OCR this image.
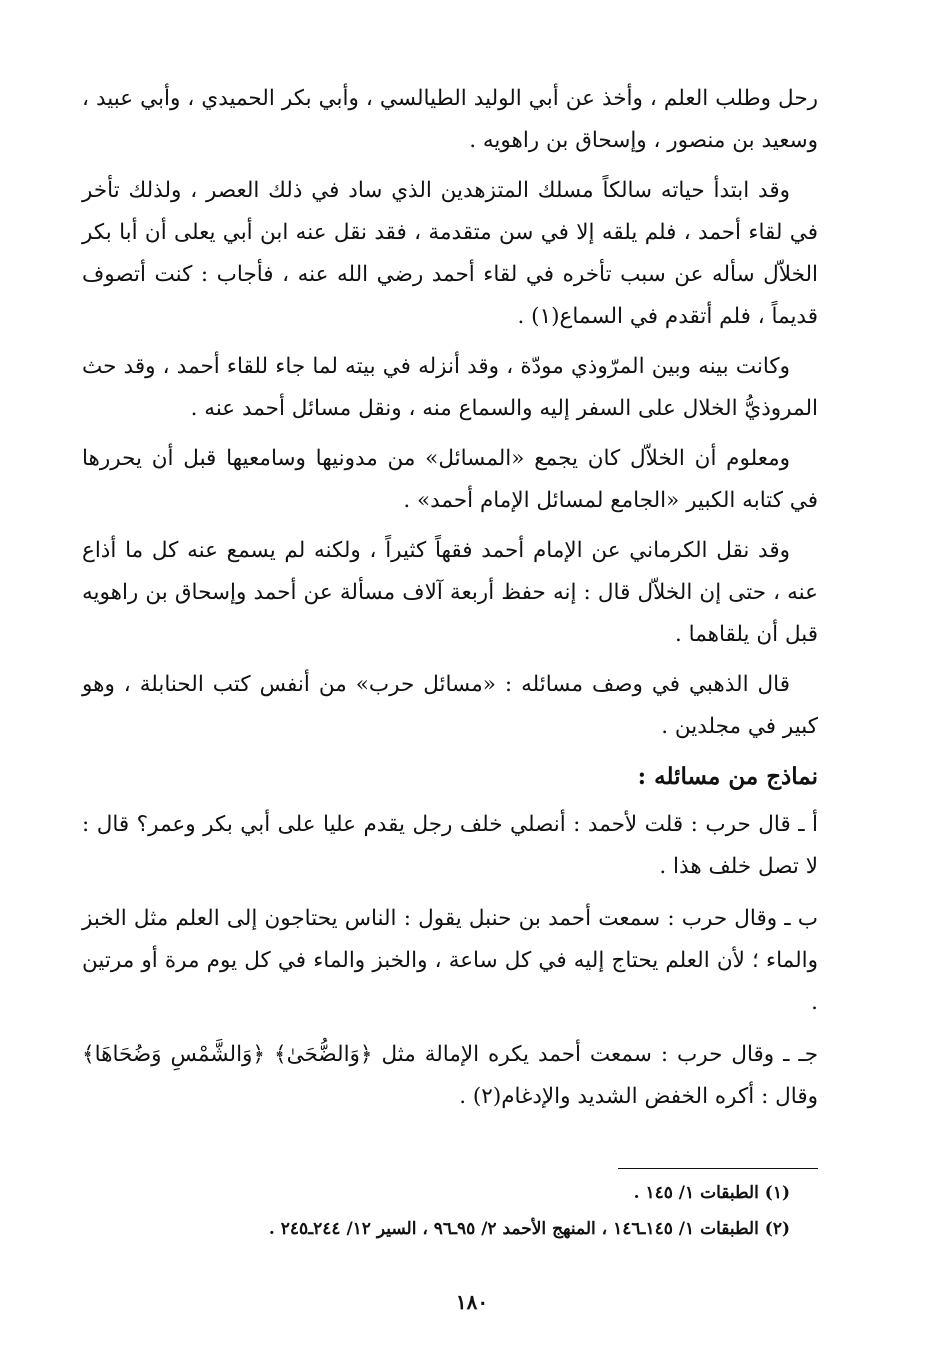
رحل وطلب العلم ، وأخذ عن أبي الوليد الطيالسي ، وأبي بكر الحميدي ، وأبي عبيد ، وسعيد بن منصور ، وإسحاق بن راهويه .

وقد ابتدأ حياته سالكاً مسلك المتزهدين الذي ساد في ذلك العصر ، ولذلك تأخر في لقاء أحمد ، فلم يلقه إلا في سن متقدمة ، فقد نقل عنه ابن أبي يعلى أن أبا بكر الخلاّل سأله عن سبب تأخره في لقاء أحمد رضي الله عنه ، فأجاب : كنت أتصوف قديماً ، فلم أتقدم في السماع(١) .

وكانت بينه وبين المرّوذي مودّة ، وقد أنزله في بيته لما جاء للقاء أحمد ، وقد حث المروذيُّ الخلال على السفر إليه والسماع منه ، ونقل مسائل أحمد عنه .

ومعلوم أن الخلاّل كان يجمع «المسائل» من مدونيها وسامعيها قبل أن يحررها في كتابه الكبير «الجامع لمسائل الإمام أحمد» .

وقد نقل الكرماني عن الإمام أحمد فقهاً كثيراً ، ولكنه لم يسمع عنه كل ما أذاع عنه ، حتى إن الخلاّل قال : إنه حفظ أربعة آلاف مسألة عن أحمد وإسحاق بن راهويه قبل أن يلقاهما .

قال الذهبي في وصف مسائله : «مسائل حرب» من أنفس كتب الحنابلة ، وهو كبير في مجلدين .

نماذج من مسائله :

أ ـ قال حرب : قلت لأحمد : أنصلي خلف رجل يقدم عليا على أبي بكر وعمر؟ قال : لا تصل خلف هذا .

ب ـ وقال حرب : سمعت أحمد بن حنبل يقول : الناس يحتاجون إلى العلم مثل الخبز والماء ؛ لأن العلم يحتاج إليه في كل ساعة ، والخبز والماء في كل يوم مرة أو مرتين .

جـ ـ وقال حرب : سمعت أحمد يكره الإمالة مثل ﴿وَالضُّحَىٰ﴾ ﴿وَالشَّمْسِ وَضُحَاهَا﴾ وقال : أكره الخفض الشديد والإدغام(٢) .

(١) الطبقات ١/ ١٤٥ .

(٢) الطبقات ١/ ١٤٥ـ١٤٦ ، المنهج الأحمد ٢/ ٩٥ـ٩٦ ، السير ١٢/ ٢٤٤ـ٢٤٥ .

١٨٠
